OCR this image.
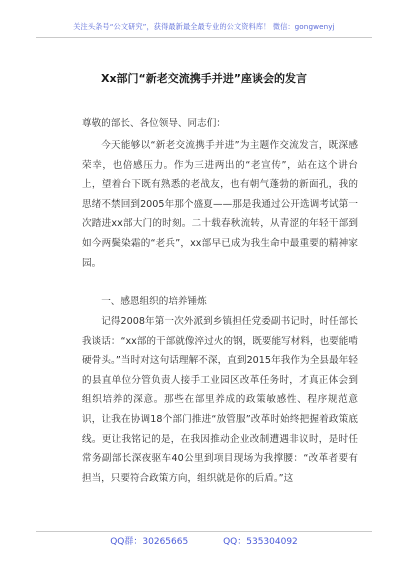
关注头条号“公文研究”，获得最新最全最专业的公文资料库！ 微信：gongwenyj
Xx部门“新老交流携手并进”座谈会的发言
尊敬的部长、各位领导、同志们：
今天能够以“新老交流携手并进”为主题作交流发言，既深感荣幸，也倍感压力。作为三进两出的“老宣传”，站在这个讲台上，望着台下既有熟悉的老战友，也有朝气蓬勃的新面孔，我的思绪不禁回到2005年那个盛夏——那是我通过公开选调考试第一次踏进xx部大门的时刻。二十载春秋流转，从青涩的年轻干部到如今两鬓染霜的“老兵”，xx部早已成为我生命中最重要的精神家园。
一、感恩组织的培养锤炼
记得2008年第一次外派到乡镇担任党委副书记时，时任部长我谈话：“xx部的干部就像淬过火的钢，既要能写材料，也要能啃硬骨头。”当时对这句话理解不深，直到2015年我作为全县最年轻的县直单位分管负责人接手工业园区改革任务时，才真正体会到组织培养的深意。那些在部里养成的政策敏感性、程序规范意识，让我在协调18个部门推进“放管服”改革时始终把握着政策底线。更让我铭记的是，在我因推动企业改制遭遇非议时，是时任常务副部长深夜驱车40公里到项目现场为我撑腰：“改革者要有担当，只要符合政策方向，组织就是你的后盾。”这
QQ群：30265665	QQ：535304092
